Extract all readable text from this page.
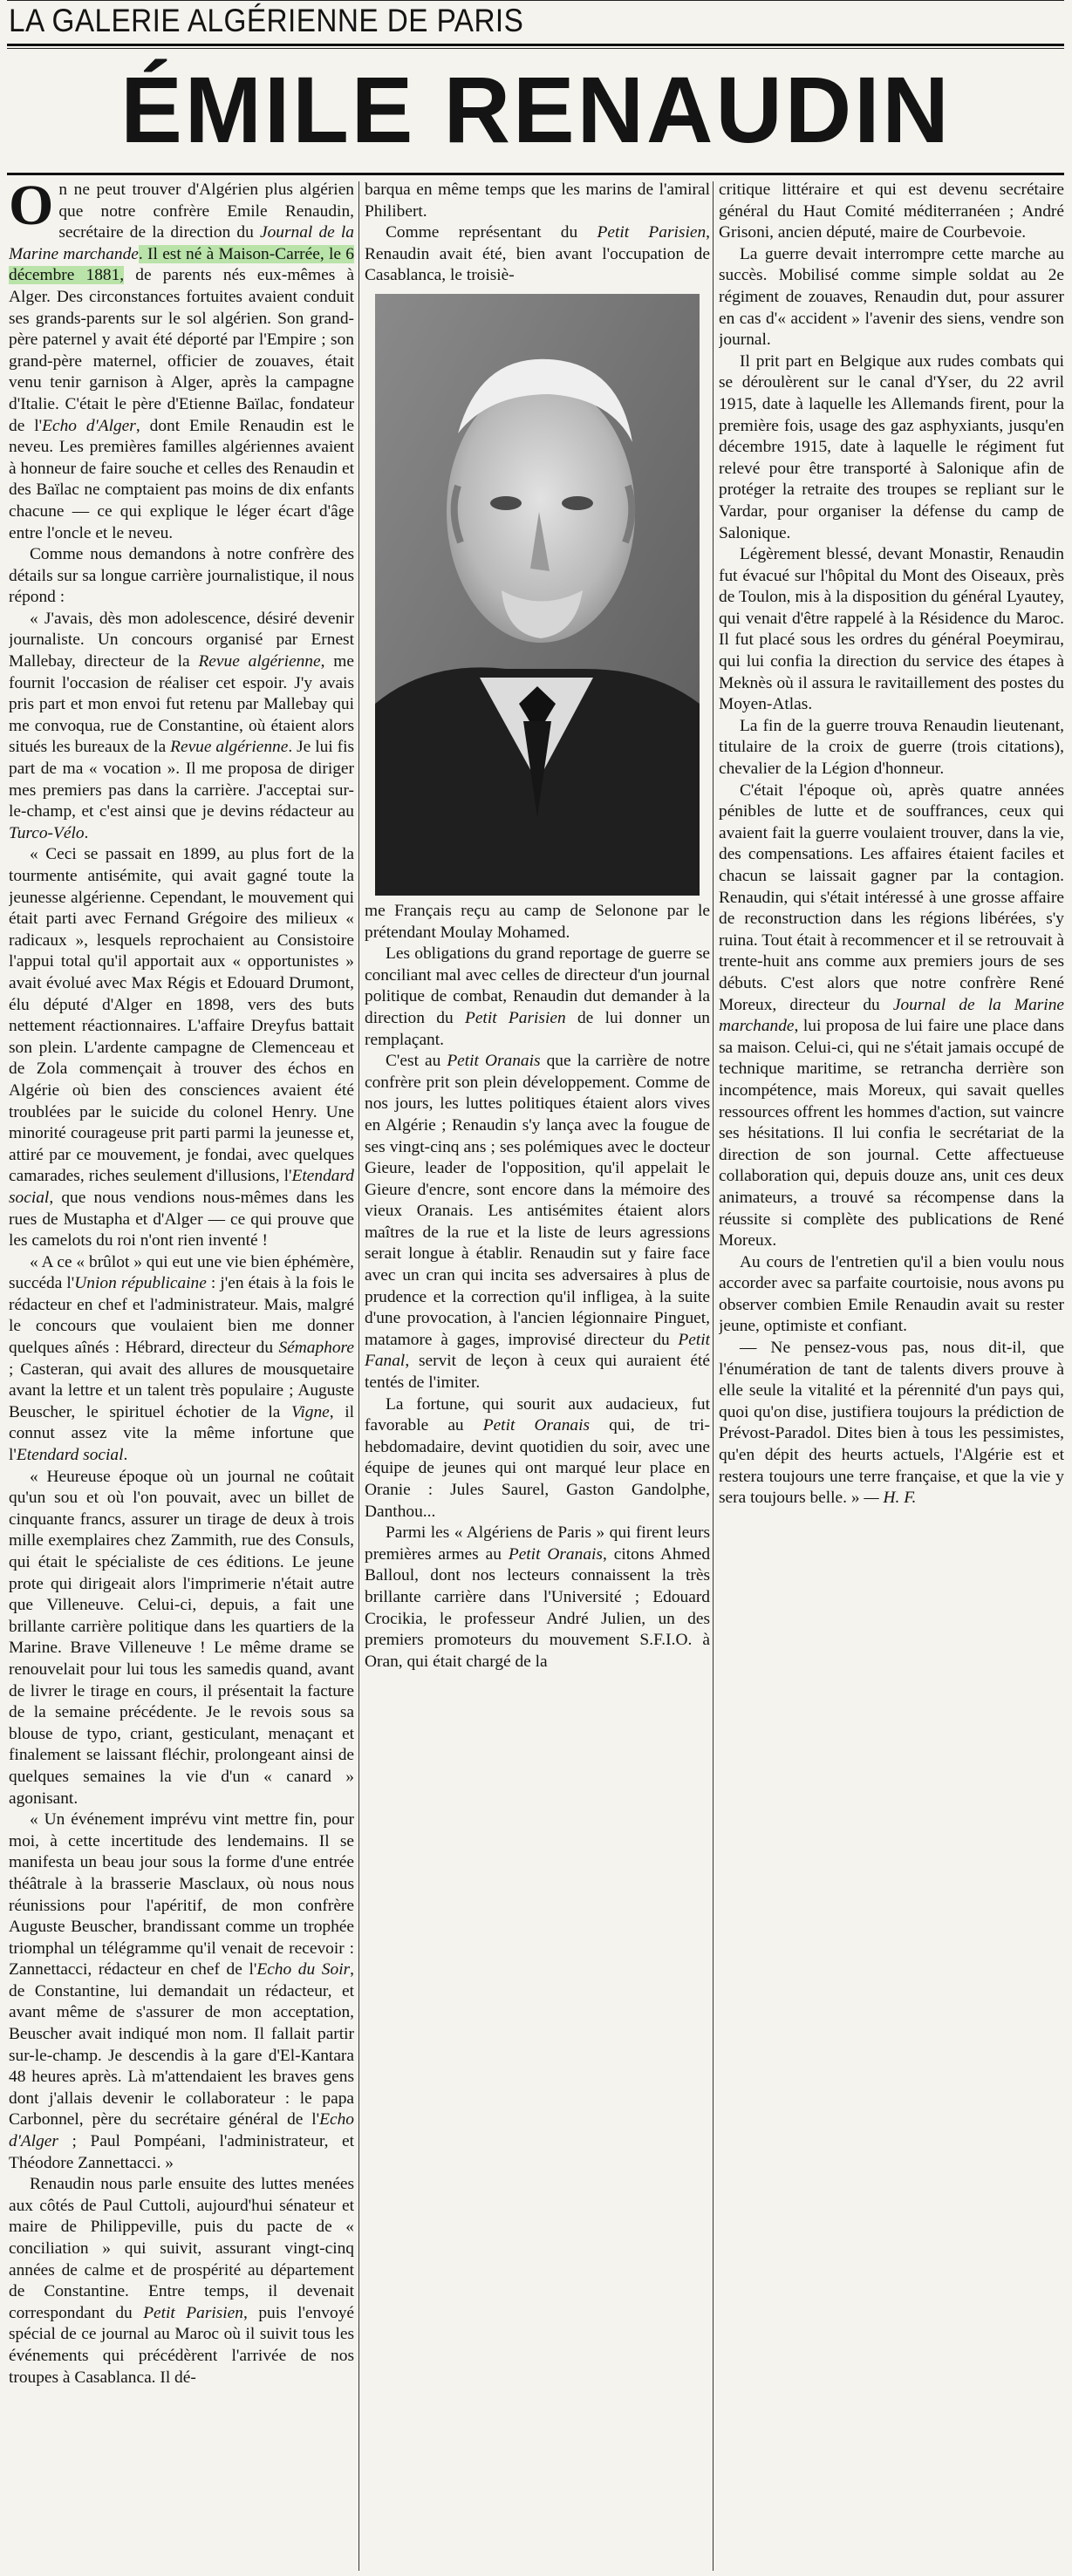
LA GALERIE ALGÉRIENNE DE PARIS
ÉMILE RENAUDIN

On ne peut trouver d'Algérien plus algérien que notre confrère Emile Renaudin, secrétaire de la direction du Journal de la Marine marchande. Il est né à Maison-Carrée, le 6 décembre 1881, de parents nés eux-mêmes à Alger. Des circonstances fortuites avaient conduit ses grands-parents sur le sol algérien. Son grand-père paternel y avait été déporté par l'Empire ; son grand-père maternel, officier de zouaves, était venu tenir garnison à Alger, après la campagne d'Italie. C'était le père d'Etienne Baïlac, fondateur de l'Echo d'Alger, dont Emile Renaudin est le neveu. Les premières familles algériennes avaient à honneur de faire souche et celles des Renaudin et des Baïlac ne comptaient pas moins de dix enfants chacune — ce qui explique le léger écart d'âge entre l'oncle et le neveu.

Comme nous demandons à notre confrère des détails sur sa longue carrière journalistique, il nous répond :

« J'avais, dès mon adolescence, désiré devenir journaliste. Un concours organisé par Ernest Mallebay, directeur de la Revue algérienne, me fournit l'occasion de réaliser cet espoir. J'y avais pris part et mon envoi fut retenu par Mallebay qui me convoqua, rue de Constantine, où étaient alors situés les bureaux de la Revue algérienne. Je lui fis part de ma « vocation ». Il me proposa de diriger mes premiers pas dans la carrière. J'acceptai sur-le-champ, et c'est ainsi que je devins rédacteur au Turco-Vélo.

« Ceci se passait en 1899, au plus fort de la tourmente antisémite, qui avait gagné toute la jeunesse algérienne. Cependant, le mouvement qui était parti avec Fernand Grégoire des milieux « radicaux », lesquels reprochaient au Consistoire l'appui total qu'il apportait aux « opportunistes » avait évolué avec Max Régis et Edouard Drumont, élu député d'Alger en 1898, vers des buts nettement réactionnaires. L'affaire Dreyfus battait son plein. L'ardente campagne de Clemenceau et de Zola commençait à trouver des échos en Algérie où bien des consciences avaient été troublées par le suicide du colonel Henry. Une minorité courageuse prit parti parmi la jeunesse et, attiré par ce mouvement, je fondai, avec quelques camarades, riches seulement d'illusions, l'Etendard social, que nous vendions nous-mêmes dans les rues de Mustapha et d'Alger — ce qui prouve que les camelots du roi n'ont rien inventé !

« A ce « brûlot » qui eut une vie bien éphémère, succéda l'Union républicaine : j'en étais à la fois le rédacteur en chef et l'administrateur. Mais, malgré le concours que voulaient bien me donner quelques aînés : Hébrard, directeur du Sémaphore ; Casteran, qui avait des allures de mousquetaire avant la lettre et un talent très populaire ; Auguste Beuscher, le spirituel échotier de la Vigne, il connut assez vite la même infortune que l'Etendard social.

« Heureuse époque où un journal ne coûtait qu'un sou et où l'on pouvait, avec un billet de cinquante francs, assurer un tirage de deux à trois mille exemplaires chez Zammith, rue des Consuls, qui était le spécialiste de ces éditions. Le jeune prote qui dirigeait alors l'imprimerie n'était autre que Villeneuve. Celui-ci, depuis, a fait une brillante carrière politique dans les quartiers de la Marine. Brave Villeneuve ! Le même drame se renouvelait pour lui tous les samedis quand, avant de livrer le tirage en cours, il présentait la facture de la semaine précédente. Je le revois sous sa blouse de typo, criant, gesticulant, menaçant et finalement se laissant fléchir, prolongeant ainsi de quelques semaines la vie d'un « canard » agonisant.

« Un événement imprévu vint mettre fin, pour moi, à cette incertitude des lendemains. Il se manifesta un beau jour sous la forme d'une entrée théâtrale à la brasserie Masclaux, où nous nous réunissions pour l'apéritif, de mon confrère Auguste Beuscher, brandissant comme un trophée triomphal un télégramme qu'il venait de recevoir : Zannettacci, rédacteur en chef de l'Echo du Soir, de Constantine, lui demandait un rédacteur, et avant même de s'assurer de mon acceptation, Beuscher avait indiqué mon nom. Il fallait partir sur-le-champ. Je descendis à la gare d'El-Kantara 48 heures après. Là m'attendaient les braves gens dont j'allais devenir le collaborateur : le papa Carbonnel, père du secrétaire général de l'Echo d'Alger ; Paul Pompéani, l'administrateur, et Théodore Zannettacci. »

Renaudin nous parle ensuite des luttes menées aux côtés de Paul Cuttoli, aujourd'hui sénateur et maire de Philippeville, puis du pacte de « conciliation » qui suivit, assurant vingt-cinq années de calme et de prospérité au département de Constantine. Entre temps, il devenait correspondant du Petit Parisien, puis l'envoyé spécial de ce journal au Maroc où il suivit tous les événements qui précédèrent l'arrivée de nos troupes à Casablanca. Il dé-

barqua en même temps que les marins de l'amiral Philibert.

Comme représentant du Petit Parisien, Renaudin avait été, bien avant l'occupation de Casablanca, le troisiè-

me Français reçu au camp de Selonone par le prétendant Moulay Mohamed.

Les obligations du grand reportage de guerre se conciliant mal avec celles de directeur d'un journal politique de combat, Renaudin dut demander à la direction du Petit Parisien de lui donner un remplaçant.

C'est au Petit Oranais que la carrière de notre confrère prit son plein développement. Comme de nos jours, les luttes politiques étaient alors vives en Algérie ; Renaudin s'y lança avec la fougue de ses vingt-cinq ans ; ses polémiques avec le docteur Gieure, leader de l'opposition, qu'il appelait le Gieure d'encre, sont encore dans la mémoire des vieux Oranais. Les antisémites étaient alors maîtres de la rue et la liste de leurs agressions serait longue à établir. Renaudin sut y faire face avec un cran qui incita ses adversaires à plus de prudence et la correction qu'il infligea, à la suite d'une provocation, à l'ancien légionnaire Pinguet, matamore à gages, improvisé directeur du Petit Fanal, servit de leçon à ceux qui auraient été tentés de l'imiter.

La fortune, qui sourit aux audacieux, fut favorable au Petit Oranais qui, de tri-hebdomadaire, devint quotidien du soir, avec une équipe de jeunes qui ont marqué leur place en Oranie : Jules Saurel, Gaston Gandolphe, Danthou...

Parmi les « Algériens de Paris » qui firent leurs premières armes au Petit Oranais, citons Ahmed Balloul, dont nos lecteurs connaissent la très brillante carrière dans l'Université ; Edouard Crocikia, le professeur André Julien, un des premiers promoteurs du mouvement S.F.I.O. à Oran, qui était chargé de la

critique littéraire et qui est devenu secrétaire général du Haut Comité méditerranéen ; André Grisoni, ancien député, maire de Courbevoie.

La guerre devait interrompre cette marche au succès. Mobilisé comme simple soldat au 2e régiment de zouaves, Renaudin dut, pour assurer en cas d'« accident » l'avenir des siens, vendre son journal.

Il prit part en Belgique aux rudes combats qui se déroulèrent sur le canal d'Yser, du 22 avril 1915, date à laquelle les Allemands firent, pour la première fois, usage des gaz asphyxiants, jusqu'en décembre 1915, date à laquelle le régiment fut relevé pour être transporté à Salonique afin de protéger la retraite des troupes se repliant sur le Vardar, pour organiser la défense du camp de Salonique.

Légèrement blessé, devant Monastir, Renaudin fut évacué sur l'hôpital du Mont des Oiseaux, près de Toulon, mis à la disposition du général Lyautey, qui venait d'être rappelé à la Résidence du Maroc. Il fut placé sous les ordres du général Poeymirau, qui lui confia la direction du service des étapes à Meknès où il assura le ravitaillement des postes du Moyen-Atlas.

La fin de la guerre trouva Renaudin lieutenant, titulaire de la croix de guerre (trois citations), chevalier de la Légion d'honneur.

C'était l'époque où, après quatre années pénibles de lutte et de souffrances, ceux qui avaient fait la guerre voulaient trouver, dans la vie, des compensations. Les affaires étaient faciles et chacun se laissait gagner par la contagion. Renaudin, qui s'était intéressé à une grosse affaire de reconstruction dans les régions libérées, s'y ruina. Tout était à recommencer et il se retrouvait à trente-huit ans comme aux premiers jours de ses débuts. C'est alors que notre confrère René Moreux, directeur du Journal de la Marine marchande, lui proposa de lui faire une place dans sa maison. Celui-ci, qui ne s'était jamais occupé de technique maritime, se retrancha derrière son incompétence, mais Moreux, qui savait quelles ressources offrent les hommes d'action, sut vaincre ses hésitations. Il lui confia le secrétariat de la direction de son journal. Cette affectueuse collaboration qui, depuis douze ans, unit ces deux animateurs, a trouvé sa récompense dans la réussite si complète des publications de René Moreux.

Au cours de l'entretien qu'il a bien voulu nous accorder avec sa parfaite courtoisie, nous avons pu observer combien Emile Renaudin avait su rester jeune, optimiste et confiant.

— Ne pensez-vous pas, nous dit-il, que l'énumération de tant de talents divers prouve à elle seule la vitalité et la pérennité d'un pays qui, quoi qu'on dise, justifiera toujours la prédiction de Prévost-Paradol. Dites bien à tous les pessimistes, qu'en dépit des heurts actuels, l'Algérie est et restera toujours une terre française, et que la vie y sera toujours belle. » — H. F.
